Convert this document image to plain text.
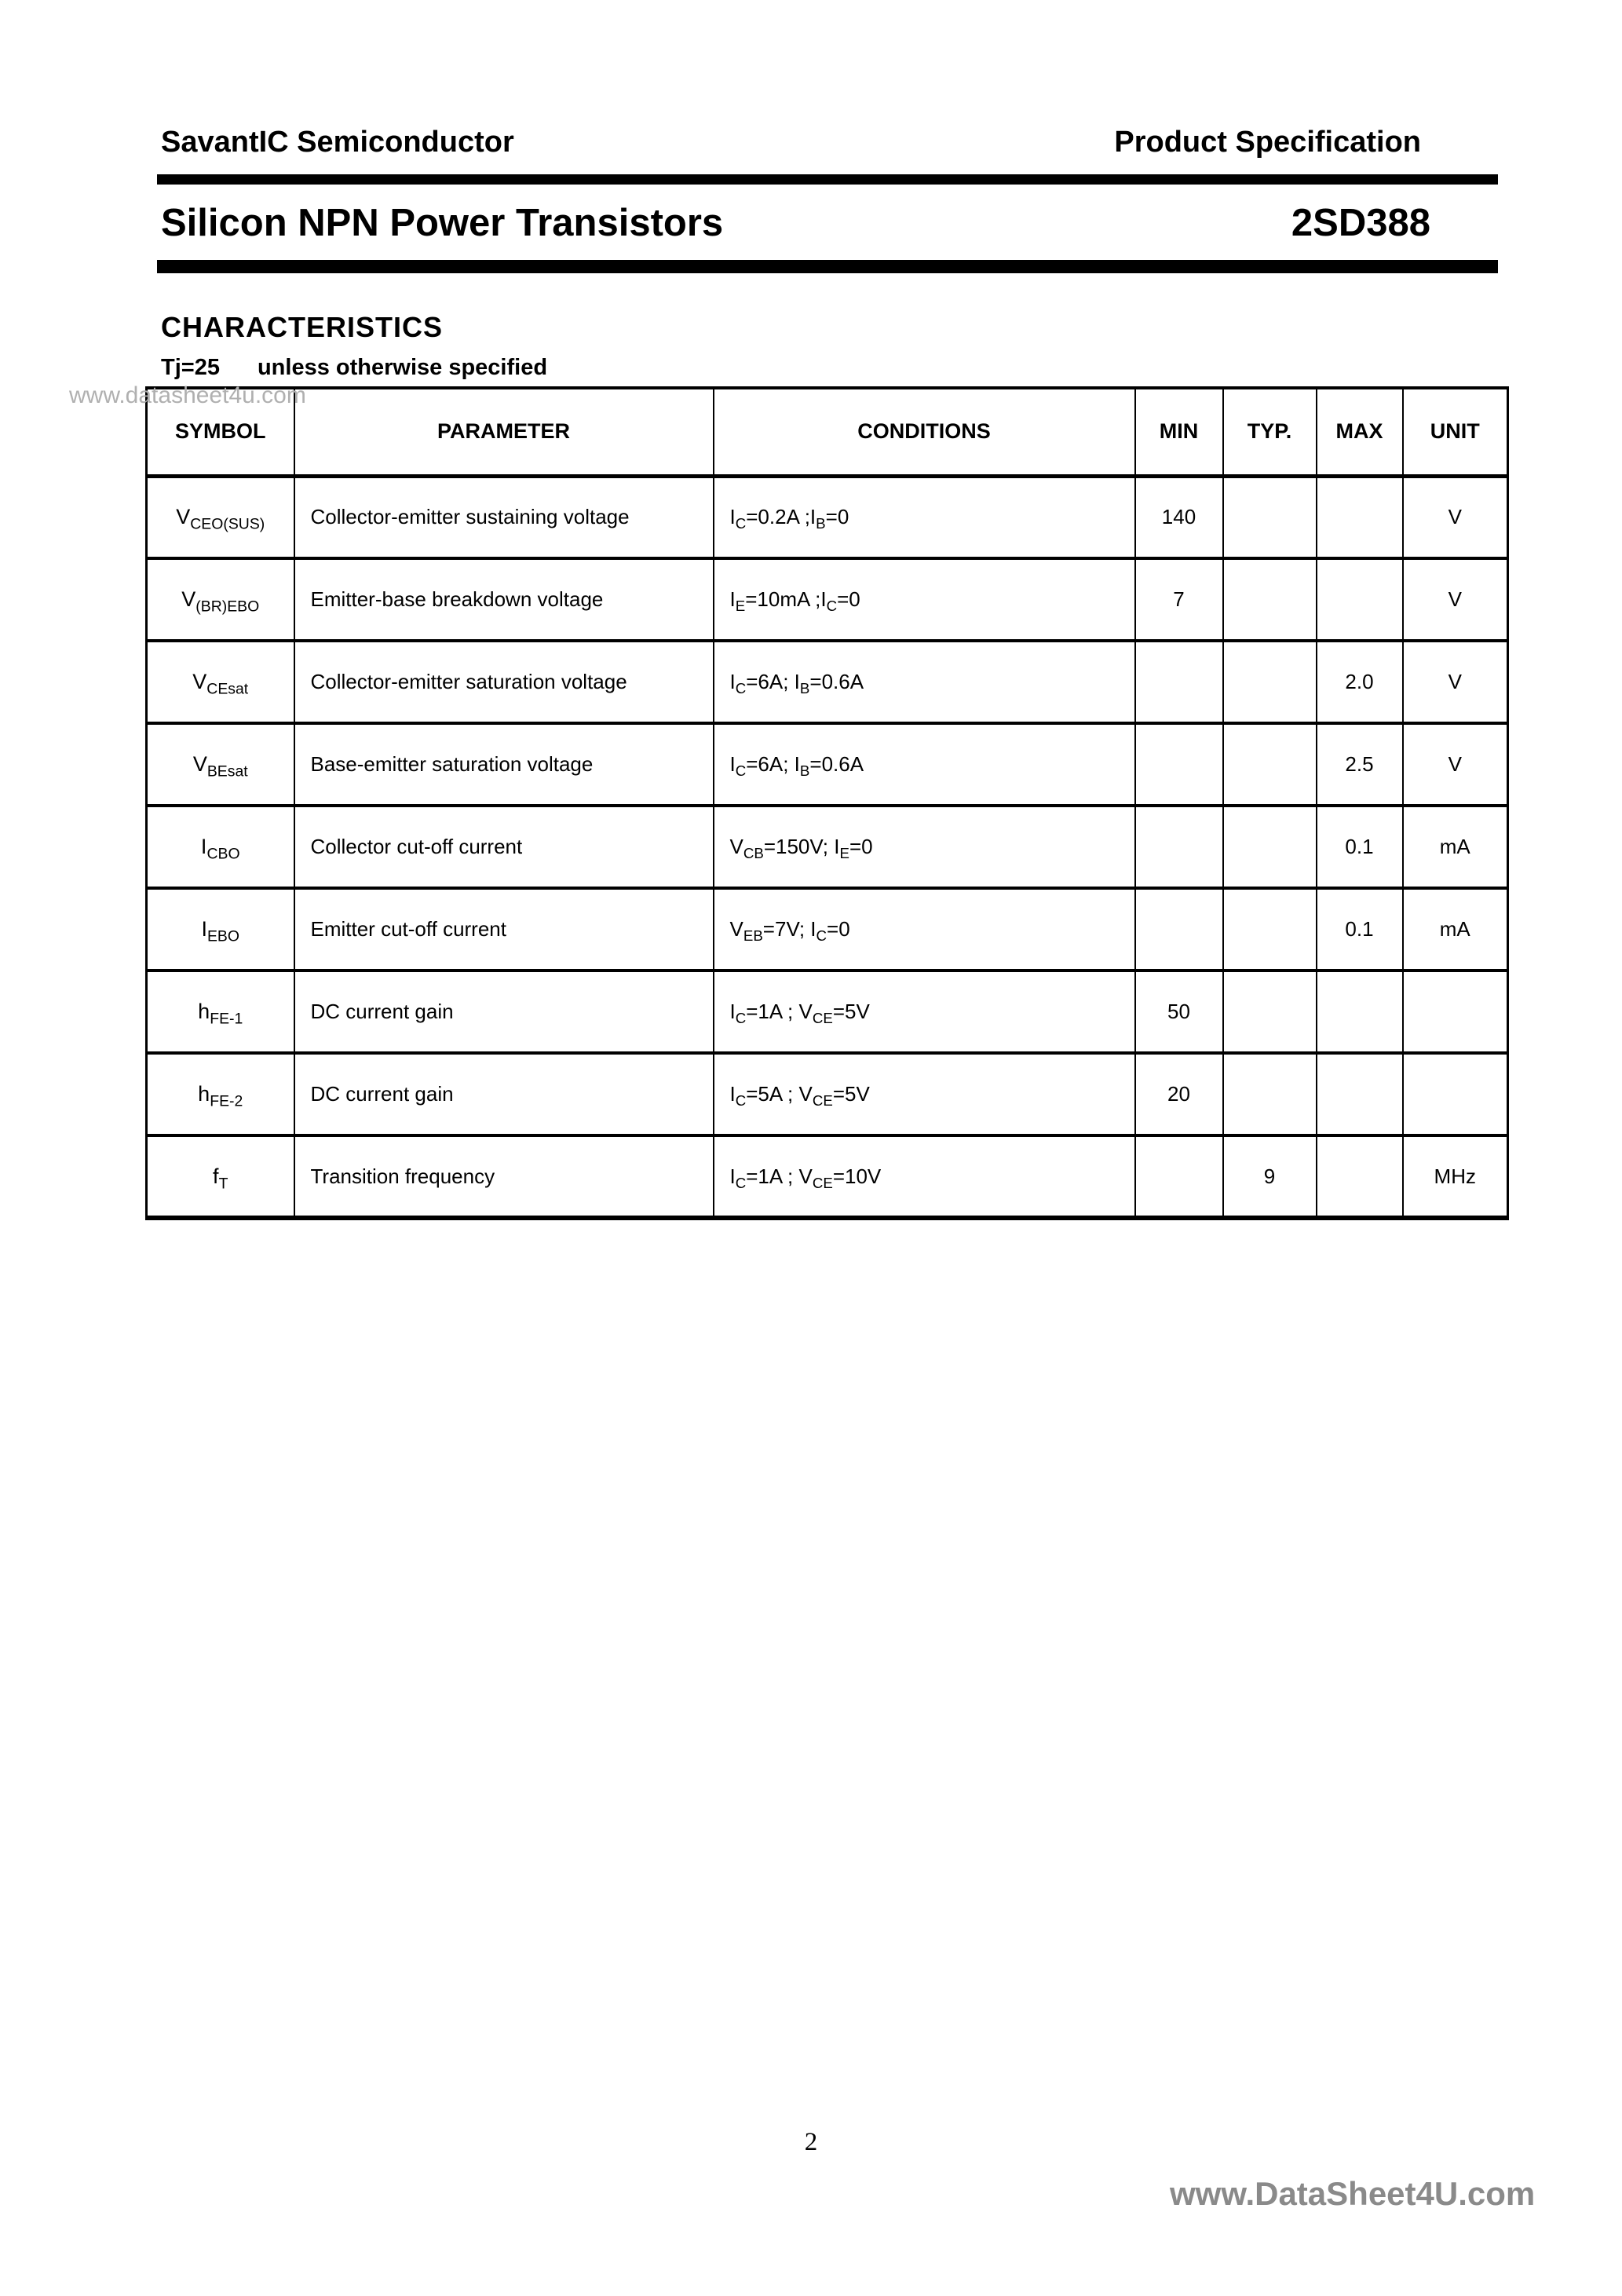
SavantIC Semiconductor	Product Specification
Silicon NPN Power Transistors	2SD388
CHARACTERISTICS
Tj=25 unless otherwise specified
www.datasheet4u.com
SYMBOL	PARAMETER	CONDITIONS	MIN	TYP.	MAX	UNIT
$V_{CEO(SUS)}$	Collector-emitter sustaining voltage	$I_C=0.2A$ $;I_B=0$	140			V
$V_{(BR)EBO}$	Emitter-base breakdown voltage	$I_E=10mA$ $;I_C=0$	7			V
$V_{CEsat}$	Collector-emitter saturation voltage	$I_C=6A$; $I_B=0.6A$			2.0	V
$V_{BEsat}$	Base-emitter saturation voltage	$I_C=6A$; $I_B=0.6A$			2.5	V
$I_{CBO}$	Collector cut-off current	$V_{CB}=150V$; $I_E=0$			0.1	mA
$I_{EBO}$	Emitter cut-off current	$V_{EB}=7V$; $I_C=0$			0.1	mA
$h_{FE-1}$	DC current gain	$I_C=1A$ ; $V_{CE}=5V$	50			
$h_{FE-2}$	DC current gain	$I_C=5A$ ; $V_{CE}=5V$	20			
$f_T$	Transition frequency	$I_C=1A$ ; $V_{CE}=10V$		9		MHz
2
www.DataSheet4U.com
